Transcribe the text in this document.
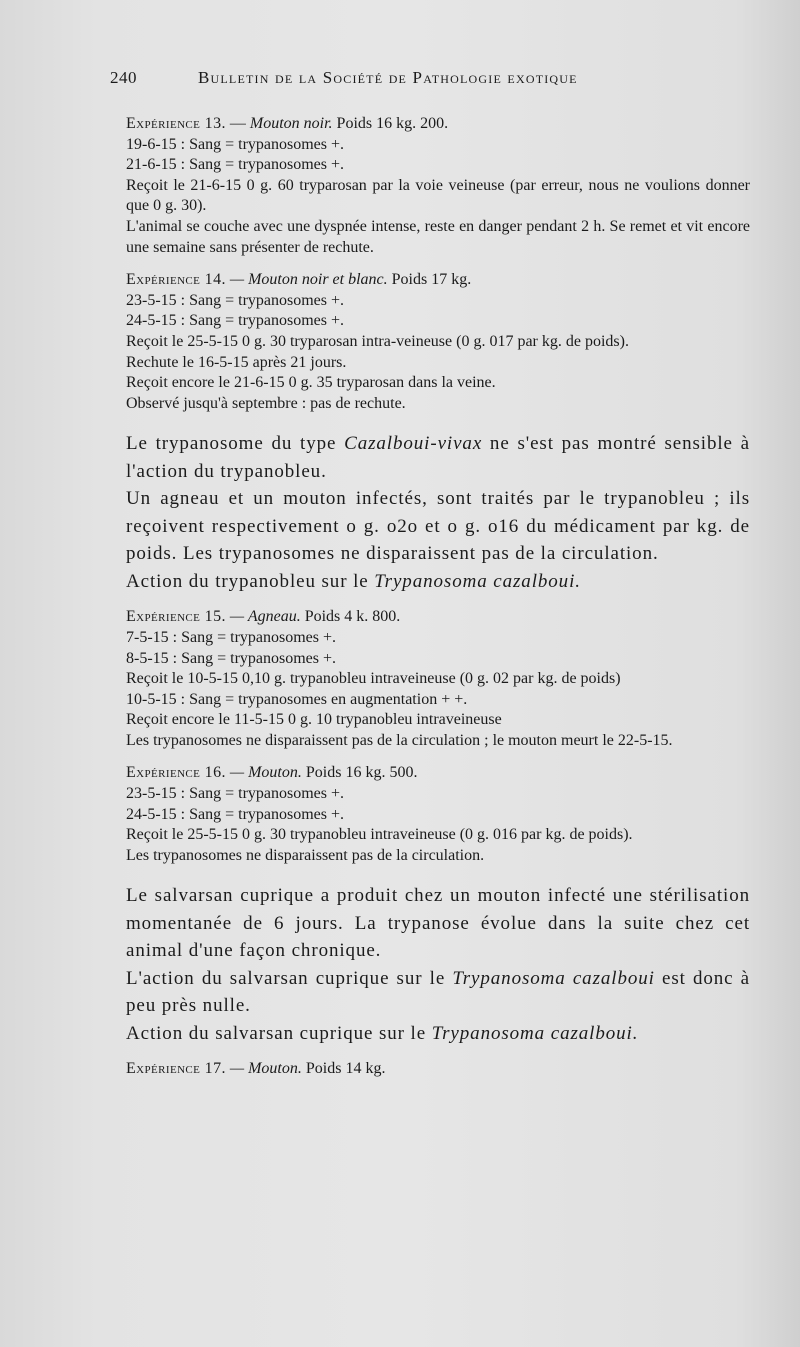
240	Bulletin de la Société de Pathologie exotique

Expérience 13. — Mouton noir. Poids 16 kg. 200.

19-6-15 : Sang = trypanosomes +.

21-6-15 : Sang = trypanosomes +.

Reçoit le 21-6-15 0 g. 60 tryparosan par la voie veineuse (par erreur, nous ne voulions donner que 0 g. 30).

L'animal se couche avec une dyspnée intense, reste en danger pendant 2 h. Se remet et vit encore une semaine sans présenter de rechute.

Expérience 14. — Mouton noir et blanc. Poids 17 kg.

23-5-15 : Sang = trypanosomes +.

24-5-15 : Sang = trypanosomes +.

Reçoit le 25-5-15 0 g. 30 tryparosan intra-veineuse (0 g. 017 par kg. de poids).

Rechute le 16-5-15 après 21 jours.

Reçoit encore le 21-6-15 0 g. 35 tryparosan dans la veine.

Observé jusqu'à septembre : pas de rechute.

Le trypanosome du type Cazalboui-vivax ne s'est pas montré sensible à l'action du trypanobleu.

Un agneau et un mouton infectés, sont traités par le trypanobleu ; ils reçoivent respectivement o g. o2o et o g. o16 du médicament par kg. de poids. Les trypanosomes ne disparaissent pas de la circulation.

Action du trypanobleu sur le Trypanosoma cazalboui.

Expérience 15. — Agneau. Poids 4 k. 800.

7-5-15 : Sang = trypanosomes +.

8-5-15 : Sang = trypanosomes +.

Reçoit le 10-5-15 0,10 g. trypanobleu intraveineuse (0 g. 02 par kg. de poids)

10-5-15 : Sang = trypanosomes en augmentation + +.

Reçoit encore le 11-5-15 0 g. 10 trypanobleu intraveineuse

Les trypanosomes ne disparaissent pas de la circulation ; le mouton meurt le 22-5-15.

Expérience 16. — Mouton. Poids 16 kg. 500.

23-5-15 : Sang = trypanosomes +.

24-5-15 : Sang = trypanosomes +.

Reçoit le 25-5-15 0 g. 30 trypanobleu intraveineuse (0 g. 016 par kg. de poids).

Les trypanosomes ne disparaissent pas de la circulation.

Le salvarsan cuprique a produit chez un mouton infecté une stérilisation momentanée de 6 jours. La trypanose évolue dans la suite chez cet animal d'une façon chronique.

L'action du salvarsan cuprique sur le Trypanosoma cazalboui est donc à peu près nulle.

Action du salvarsan cuprique sur le Trypanosoma cazalboui.

Expérience 17. — Mouton. Poids 14 kg.
